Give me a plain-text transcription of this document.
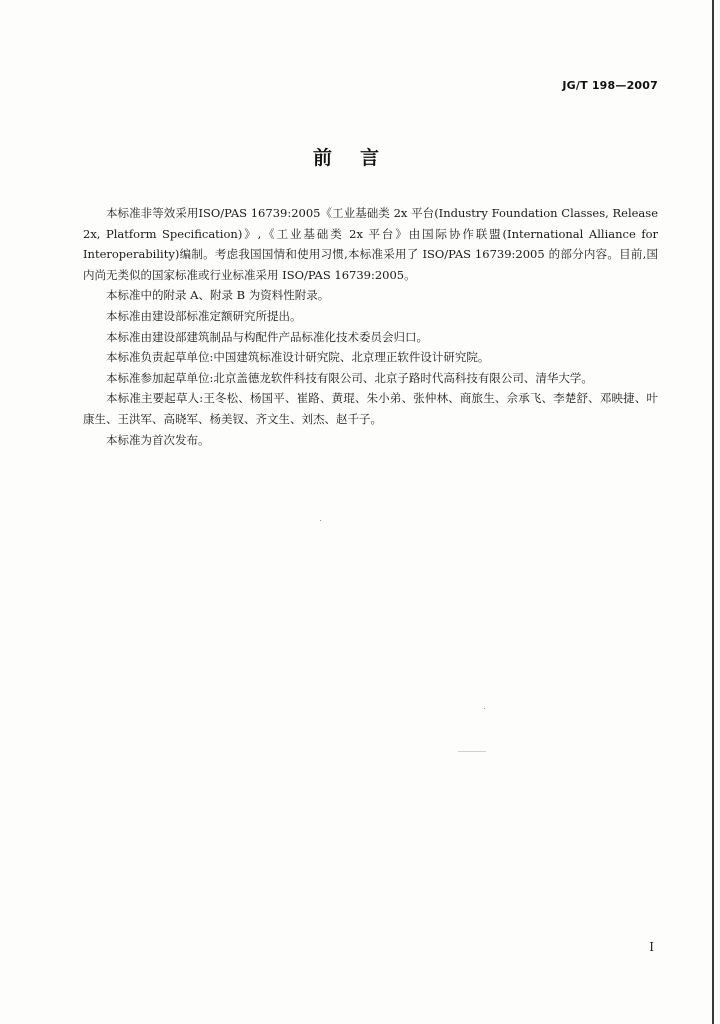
JG/T 198—2007
前言

本标准非等效采用ISO/PAS 16739:2005《工业基础类 2x 平台(Industry Foundation Classes, Release 2x, Platform Specification)》,《工业基础类 2x 平台》由国际协作联盟(International Alliance for Interoperability)编制。考虑我国国情和使用习惯,本标准采用了 ISO/PAS 16739:2005 的部分内容。目前,国内尚无类似的国家标准或行业标准采用 ISO/PAS 16739:2005。

本标准中的附录 A、附录 B 为资料性附录。

本标准由建设部标准定额研究所提出。

本标准由建设部建筑制品与构配件产品标准化技术委员会归口。

本标准负责起草单位:中国建筑标准设计研究院、北京理正软件设计研究院。

本标准参加起草单位:北京盖德龙软件科技有限公司、北京子路时代高科技有限公司、清华大学。

本标准主要起草人:王冬松、杨国平、崔路、黄琨、朱小弟、张仲林、商旅生、佘承飞、李楚舒、邓映捷、叶康生、王洪军、高晓军、杨美钗、齐文生、刘杰、赵千子。

本标准为首次发布。

I
